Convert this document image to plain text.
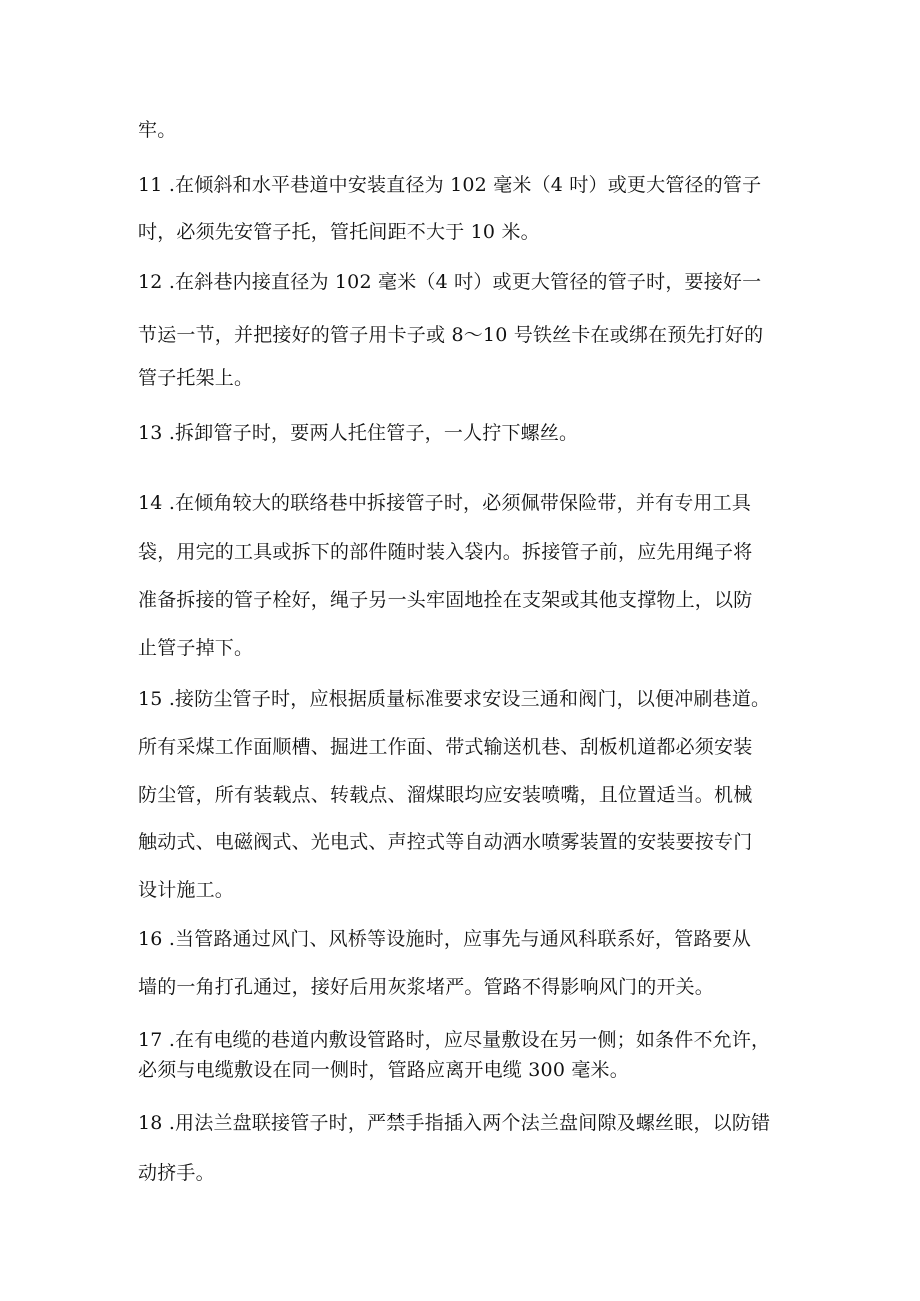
牢。
11 .在倾斜和水平巷道中安装直径为 102 毫米（4 吋）或更大管径的管子
吋，必须先安管子托，管托间距不大于 10 米。
12 .在斜巷内接直径为 102 毫米（4 吋）或更大管径的管子时，要接好一
节运一节，并把接好的管子用卡子或 8～10 号铁丝卡在或绑在预先打好的
管子托架上。
13 .拆卸管子时，要两人托住管子，一人拧下螺丝。
14 .在倾角较大的联络巷中拆接管子时，必须佩带保险带，并有专用工具
袋，用完的工具或拆下的部件随时装入袋内。拆接管子前，应先用绳子将
准备拆接的管子栓好，绳子另一头牢固地拴在支架或其他支撑物上，以防
止管子掉下。
15 .接防尘管子时，应根据质量标准要求安设三通和阀门，以便冲刷巷道。
所有采煤工作面顺槽、掘进工作面、带式输送机巷、刮板机道都必须安装
防尘管，所有装载点、转载点、溜煤眼均应安装喷嘴，且位置适当。机械
触动式、电磁阀式、光电式、声控式等自动洒水喷雾装置的安装要按专门
设计施工。
16 .当管路通过风门、风桥等设施时，应事先与通风科联系好，管路要从
墙的一角打孔通过，接好后用灰浆堵严。管路不得影响风门的开关。
17 .在有电缆的巷道内敷设管路时，应尽量敷设在另一侧；如条件不允许，
必须与电缆敷设在同一侧时，管路应离开电缆 300 毫米。
18 .用法兰盘联接管子时，严禁手指插入两个法兰盘间隙及螺丝眼，以防错
动挤手。
